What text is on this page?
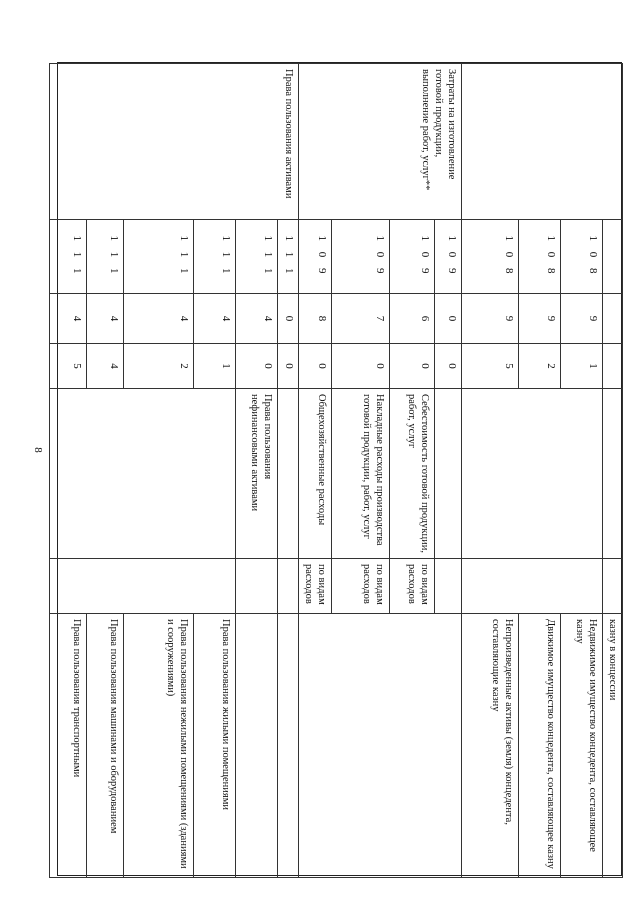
8
						казну в концессии
	1 0 8	9	1			Недвижимое имущество концедента, составляющее казну
	1 0 8	9	2			Движимое имущество концедента, составляющее казну
	1 0 8	9	5			Непроизведенные активы (земля) концедента, составляющие казну
Затраты на изготовление готовой продукции, выполнение работ, услуг**	1 0 9	0	0			
	1 0 9	6	0	Себестоимость готовой продукции, работ, услуг	по видам расходов	
	1 0 9	7	0	Накладные расходы производства готовой продукции, работ, услуг	по видам расходов	
	1 0 9	8	0	Общехозяйственные расходы	по видам расходов	
Права пользования активами	1 1 1	0	0			
	1 1 1	4	0	Права пользования нефинансовыми активами		
	1 1 1	4	1			Права пользования жилыми помещениями
	1 1 1	4	2			Права пользования нежилыми помещениями (зданиями и сооружениями)
	1 1 1	4	4			Права пользования машинами и оборудованием
	1 1 1	4	5			Права пользования транспортными
